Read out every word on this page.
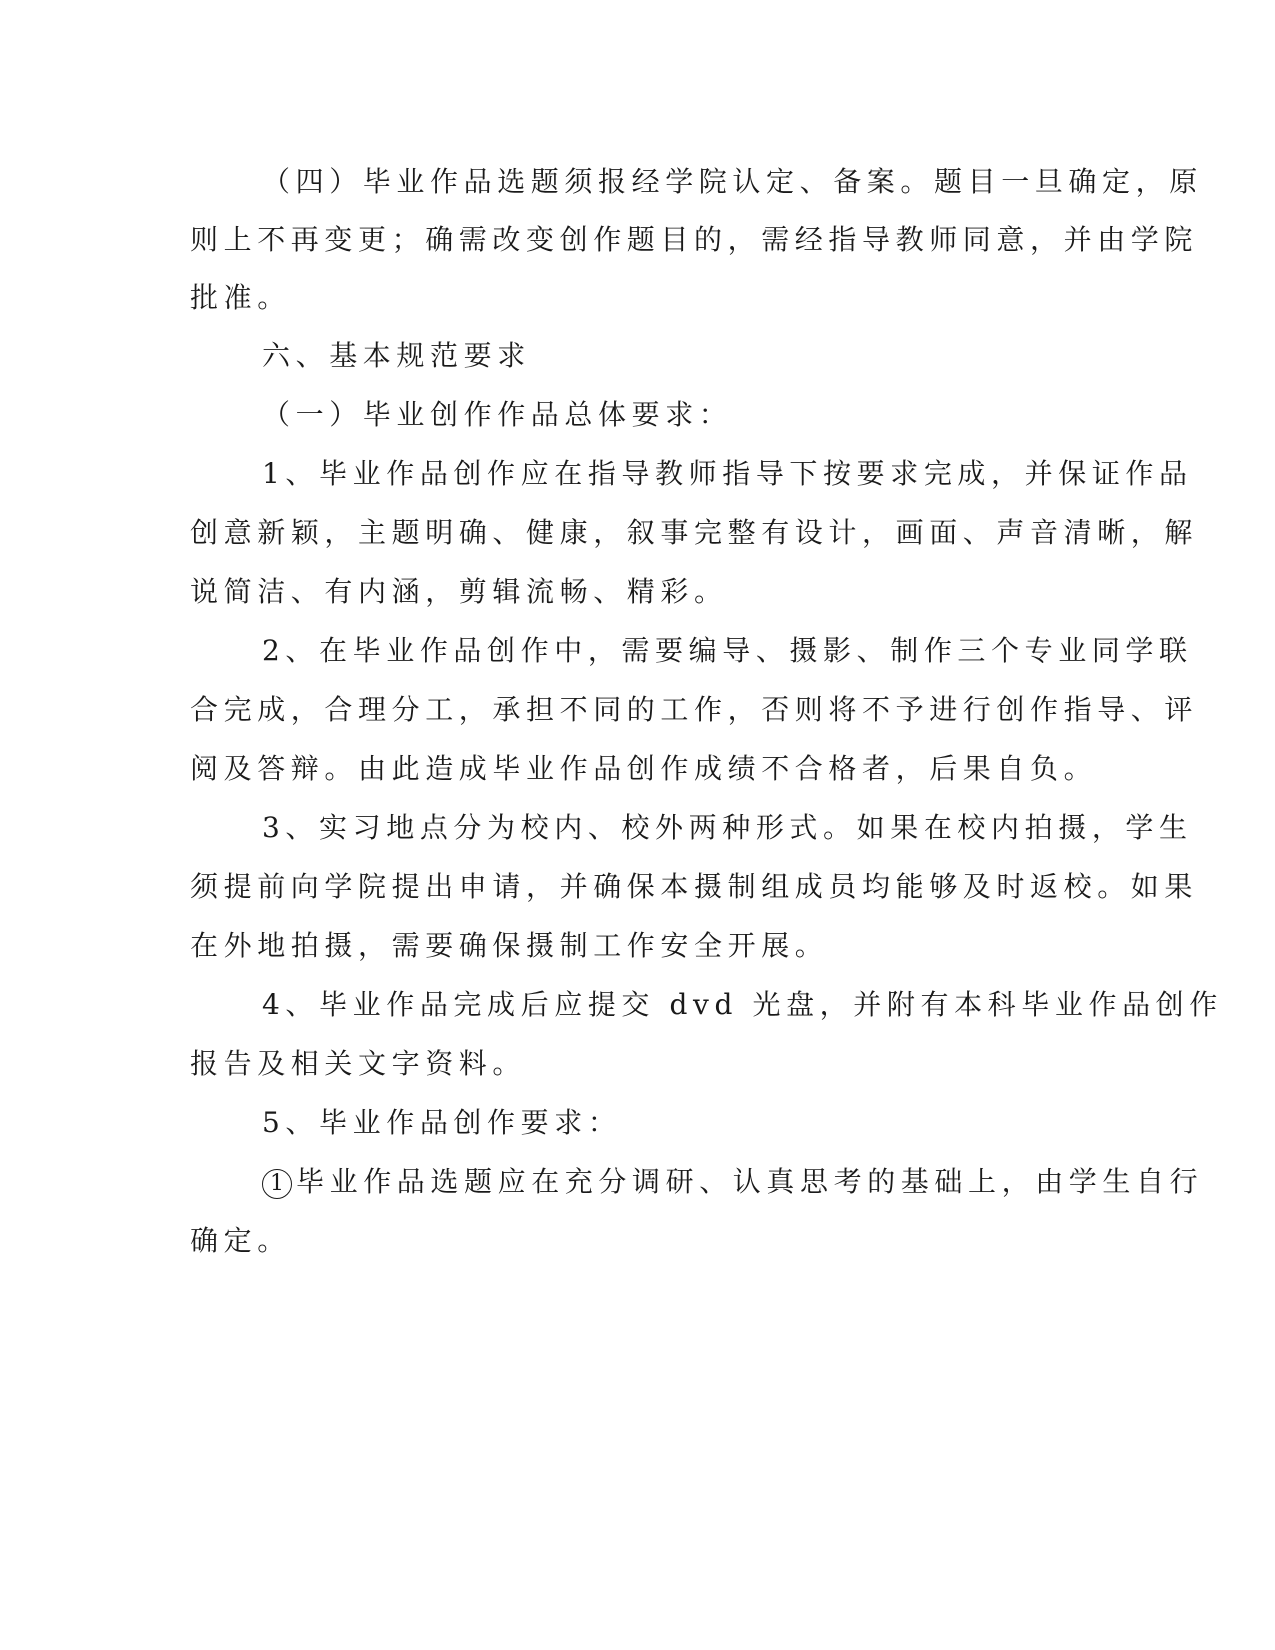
（四）毕业作品选题须报经学院认定、备案。题目一旦确定，原
则上不再变更；确需改变创作题目的，需经指导教师同意，并由学院
批准。
六、基本规范要求
（一）毕业创作作品总体要求：
1、毕业作品创作应在指导教师指导下按要求完成，并保证作品
创意新颖，主题明确、健康，叙事完整有设计，画面、声音清晰，解
说简洁、有内涵，剪辑流畅、精彩。
2、在毕业作品创作中，需要编导、摄影、制作三个专业同学联
合完成，合理分工，承担不同的工作，否则将不予进行创作指导、评
阅及答辩。由此造成毕业作品创作成绩不合格者，后果自负。
3、实习地点分为校内、校外两种形式。如果在校内拍摄，学生
须提前向学院提出申请，并确保本摄制组成员均能够及时返校。如果
在外地拍摄，需要确保摄制工作安全开展。
4、毕业作品完成后应提交 dvd 光盘，并附有本科毕业作品创作
报告及相关文字资料。
5、毕业作品创作要求：
1 毕业作品选题应在充分调研、认真思考的基础上，由学生自行
确定。
